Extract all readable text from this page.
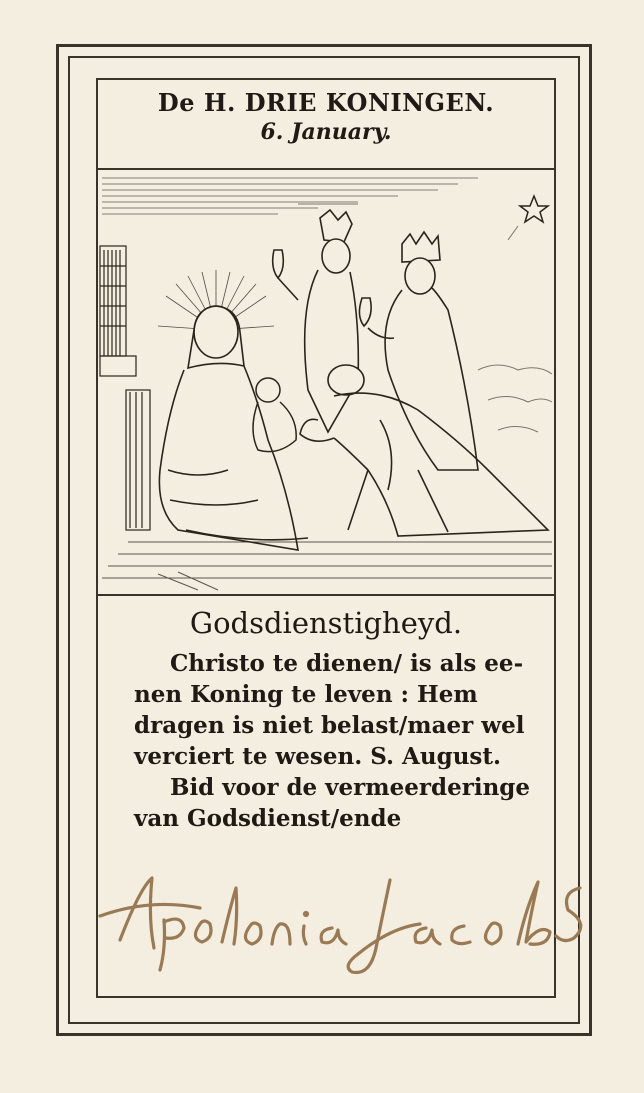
De H. DRIE KONINGEN.
6. January.
Godsdienstigheyd.
Christo te dienen/ is als ee-
nen Koning te leven : Hem
dragen is niet belast/maer wel
verciert te wesen. S. August.
Bid voor de vermeerderinge
van Godsdienst/ende
